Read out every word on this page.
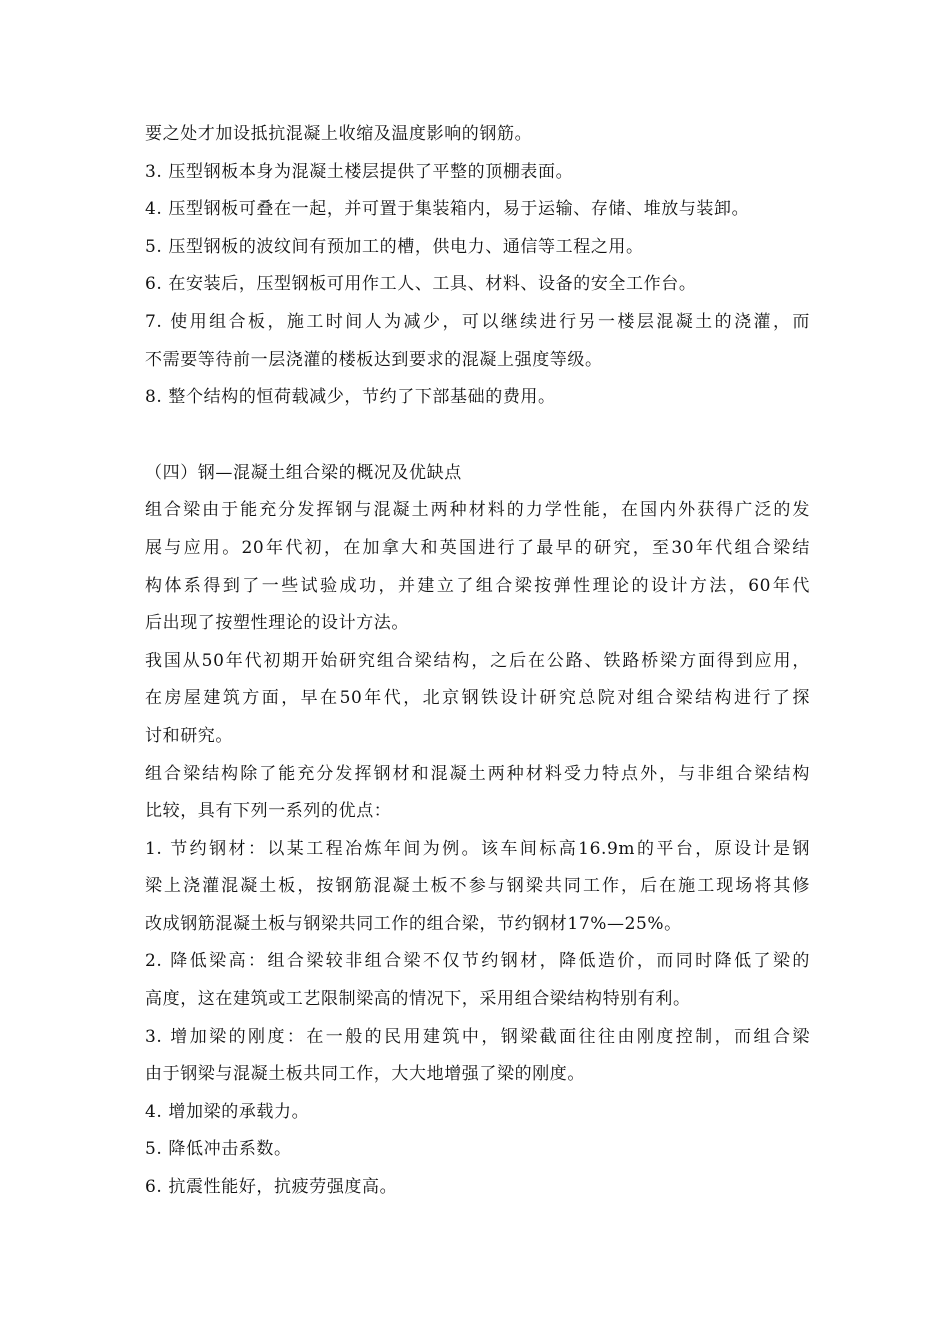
要之处才加设抵抗混凝上收缩及温度影响的钢筋。
3. 压型钢板本身为混凝土楼层提供了平整的顶棚表面。
4. 压型钢板可叠在一起，并可置于集装箱内，易于运输、存储、堆放与装卸。
5. 压型钢板的波纹间有预加工的槽，供电力、通信等工程之用。
6. 在安装后，压型钢板可用作工人、工具、材料、设备的安全工作台。
7. 使用组合板，施工时间人为减少，可以继续进行另一楼层混凝土的浇灌，而
不需要等待前一层浇灌的楼板达到要求的混凝上强度等级。
8. 整个结构的恒荷载减少，节约了下部基础的费用。
（四）钢—混凝土组合梁的概况及优缺点
组合梁由于能充分发挥钢与混凝土两种材料的力学性能，在国内外获得广泛的发
展与应用。20年代初，在加拿大和英国进行了最早的研究，至30年代组合梁结
构体系得到了一些试验成功，并建立了组合梁按弹性理论的设计方法，60年代
后出现了按塑性理论的设计方法。
我国从50年代初期开始研究组合梁结构，之后在公路、铁路桥梁方面得到应用，
在房屋建筑方面，早在50年代，北京钢铁设计研究总院对组合梁结构进行了探
讨和研究。
组合梁结构除了能充分发挥钢材和混凝土两种材料受力特点外，与非组合梁结构
比较，具有下列一系列的优点：
1. 节约钢材：以某工程冶炼年间为例。该车间标高16.9m的平台，原设计是钢
梁上浇灌混凝土板，按钢筋混凝土板不参与钢梁共同工作，后在施工现场将其修
改成钢筋混凝土板与钢梁共同工作的组合梁，节约钢材17%—25%。
2. 降低梁高：组合梁较非组合梁不仅节约钢材，降低造价，而同时降低了梁的
高度，这在建筑或工艺限制梁高的情况下，采用组合梁结构特别有利。
3. 增加梁的刚度：在一般的民用建筑中，钢梁截面往往由刚度控制，而组合梁
由于钢梁与混凝土板共同工作，大大地增强了梁的刚度。
4. 增加梁的承载力。
5. 降低冲击系数。
6. 抗震性能好，抗疲劳强度高。
